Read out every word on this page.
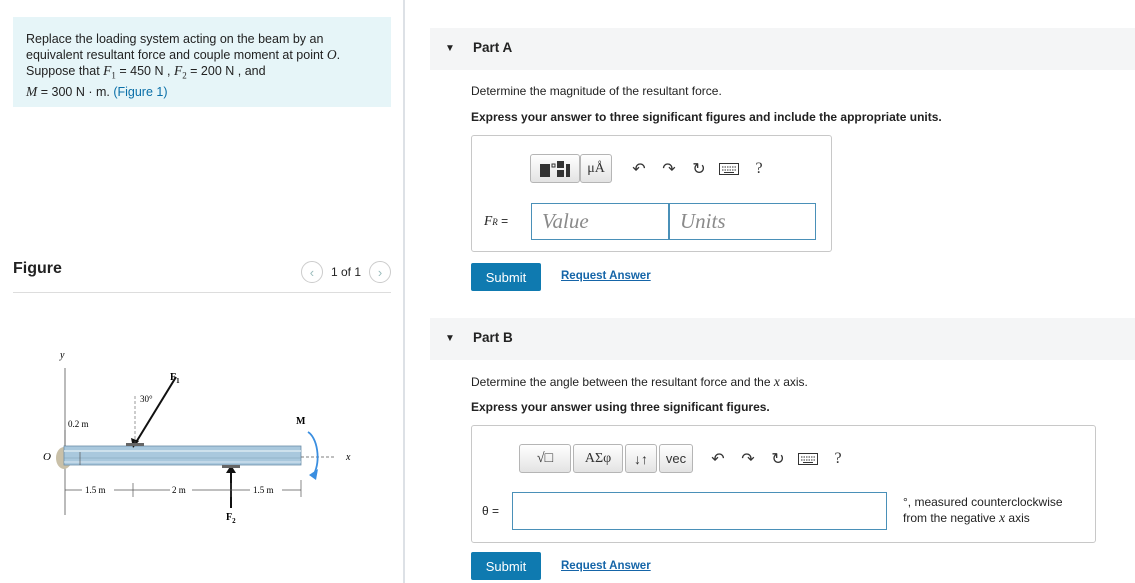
Replace the loading system acting on the beam by an
equivalent resultant force and couple moment at point O.
Suppose that $F_1 = 450$ N , $F_2 = 200$ N , and
M = 300 N · m. (Figure 1)
Figure	‹	1 of 1	›
y
O	x
0.2 m
30°
$F_1$
$F_2$
M
1.5 m	2 m	1.5 m
▼ Part A
Determine the magnitude of the resultant force.
Express your answer to three significant figures and include the appropriate units.
μÅ	↶	↷	↻	?
FR =	Value	Units
Submit	Request Answer
▼ Part B
Determine the angle between the resultant force and the x axis.
Express your answer using three significant figures.
√□	ΑΣφ	↓↑	vec	↶	↷	↻	?
θ =
°, measured counterclockwise
from the negative x axis
Submit	Request Answer
